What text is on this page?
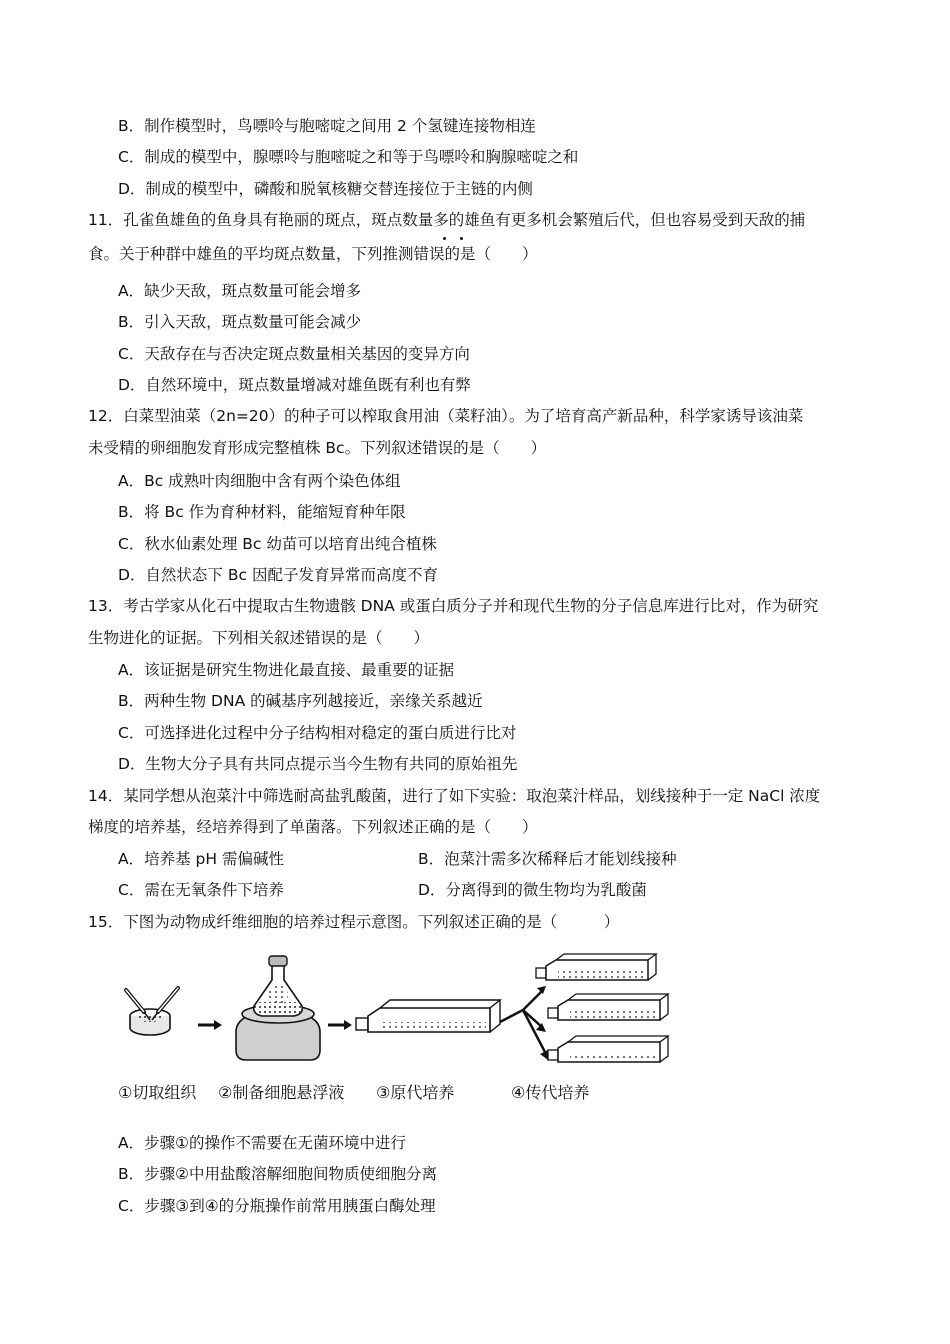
B．制作模型时，鸟嘌呤与胞嘧啶之间用 2 个氢键连接物相连
C．制成的模型中，腺嘌呤与胞嘧啶之和等于鸟嘌呤和胸腺嘧啶之和
D．制成的模型中，磷酸和脱氧核糖交替连接位于主链的内侧
11．孔雀鱼雄鱼的鱼身具有艳丽的斑点，斑点数量多的雄鱼有更多机会繁殖后代，但也容易受到天敌的捕
食。关于种群中雄鱼的平均斑点数量，下列推测错误的是（　　）
A．缺少天敌，斑点数量可能会增多
B．引入天敌，斑点数量可能会减少
C．天敌存在与否决定斑点数量相关基因的变异方向
D．自然环境中，斑点数量增减对雄鱼既有利也有弊
12．白菜型油菜（2n=20）的种子可以榨取食用油（菜籽油）。为了培育高产新品种，科学家诱导该油菜
未受精的卵细胞发育形成完整植株 Bc。下列叙述错误的是（　　）
A．Bc 成熟叶肉细胞中含有两个染色体组
B．将 Bc 作为育种材料，能缩短育种年限
C．秋水仙素处理 Bc 幼苗可以培育出纯合植株
D．自然状态下 Bc 因配子发育异常而高度不育
13．考古学家从化石中提取古生物遗骸 DNA 或蛋白质分子并和现代生物的分子信息库进行比对，作为研究
生物进化的证据。下列相关叙述错误的是（　　）
A．该证据是研究生物进化最直接、最重要的证据
B．两种生物 DNA 的碱基序列越接近，亲缘关系越近
C．可选择进化过程中分子结构相对稳定的蛋白质进行比对
D．生物大分子具有共同点提示当今生物有共同的原始祖先
14．某同学想从泡菜汁中筛选耐高盐乳酸菌，进行了如下实验：取泡菜汁样品，划线接种于一定 NaCl 浓度
梯度的培养基，经培养得到了单菌落。下列叙述正确的是（　　）
A．培养基 pH 需偏碱性	B．泡菜汁需多次稀释后才能划线接种
C．需在无氧条件下培养	D．分离得到的微生物均为乳酸菌
15．下图为动物成纤维细胞的培养过程示意图。下列叙述正确的是（　　　）
①切取组织 ②制备细胞悬浮液 ③原代培养	④传代培养
A．步骤①的操作不需要在无菌环境中进行
B．步骤②中用盐酸溶解细胞间物质使细胞分离
C．步骤③到④的分瓶操作前常用胰蛋白酶处理
